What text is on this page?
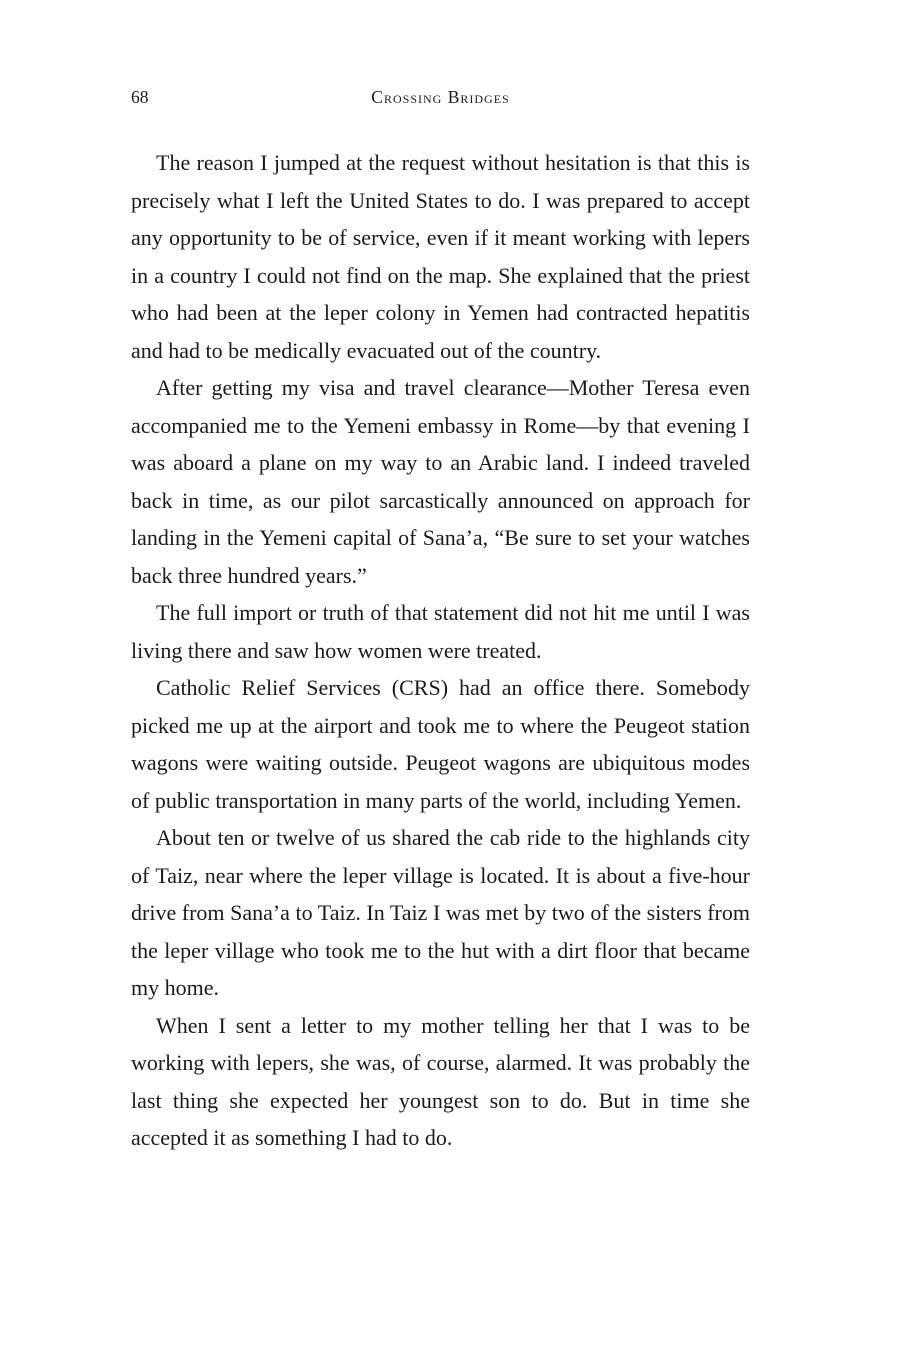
68	Crossing Bridges

The reason I jumped at the request without hesitation is that this is precisely what I left the United States to do. I was prepared to accept any opportunity to be of service, even if it meant working with lepers in a country I could not find on the map. She explained that the priest who had been at the leper colony in Yemen had contracted hepatitis and had to be medically evacuated out of the country.

After getting my visa and travel clearance—Mother Teresa even accompanied me to the Yemeni embassy in Rome—by that evening I was aboard a plane on my way to an Arabic land. I indeed traveled back in time, as our pilot sarcastically announced on approach for landing in the Yemeni capital of Sana’a, “Be sure to set your watches back three hundred years.”

The full import or truth of that statement did not hit me until I was living there and saw how women were treated.

Catholic Relief Services (CRS) had an office there. Somebody picked me up at the airport and took me to where the Peugeot station wagons were waiting outside. Peugeot wagons are ubiquitous modes of public transportation in many parts of the world, including Yemen.

About ten or twelve of us shared the cab ride to the highlands city of Taiz, near where the leper village is located. It is about a five-hour drive from Sana’a to Taiz. In Taiz I was met by two of the sisters from the leper village who took me to the hut with a dirt floor that became my home.

When I sent a letter to my mother telling her that I was to be working with lepers, she was, of course, alarmed. It was probably the last thing she expected her youngest son to do. But in time she accepted it as something I had to do.
